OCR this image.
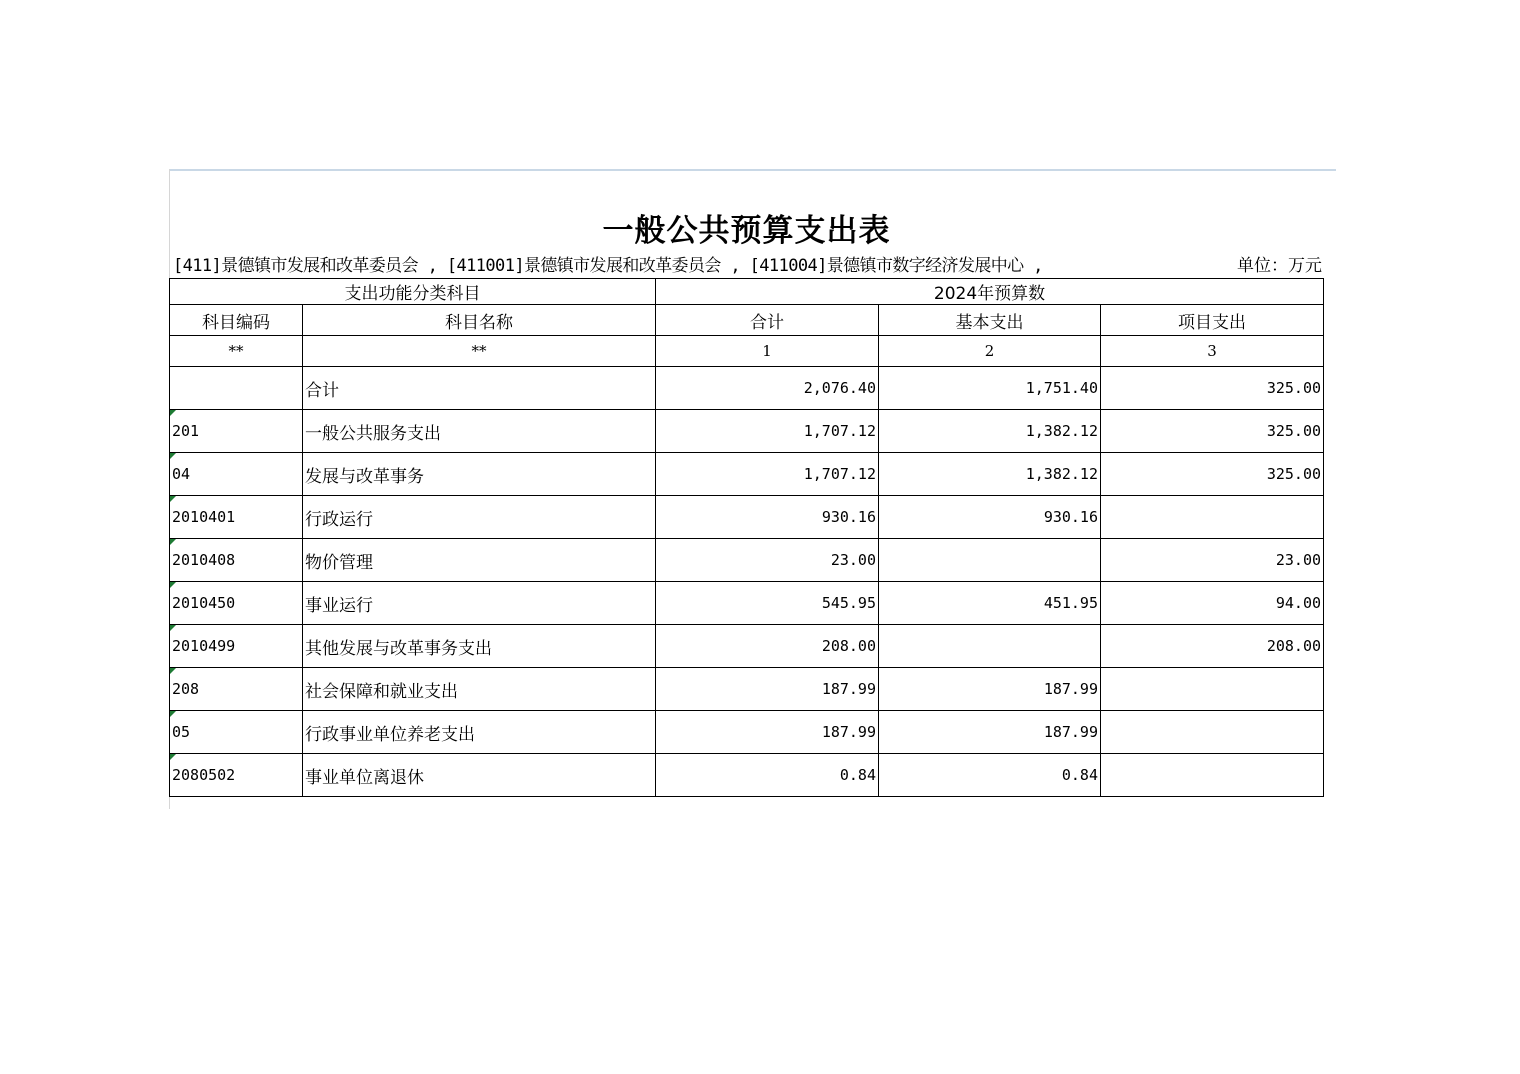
一般公共预算支出表
[411]景德镇市发展和改革委员会 , [411001]景德镇市发展和改革委员会 , [411004]景德镇市数字经济发展中心 ,	单位：万元
支出功能分类科目		2024年预算数		
科目编码	科目名称	合计	基本支出	项目支出
**	**	1	2	3
	合计	2,076.40	1,751.40	325.00

201	一般公共服务支出	1,707.12	1,382.12	325.00

04	发展与改革事务	1,707.12	1,382.12	325.00

2010401	行政运行	930.16	930.16	

2010408	物价管理	23.00		23.00

2010450	事业运行	545.95	451.95	94.00

2010499	其他发展与改革事务支出	208.00		208.00

208	社会保障和就业支出	187.99	187.99	

05	行政事业单位养老支出	187.99	187.99	

2080502	事业单位离退休	0.84	0.84	
